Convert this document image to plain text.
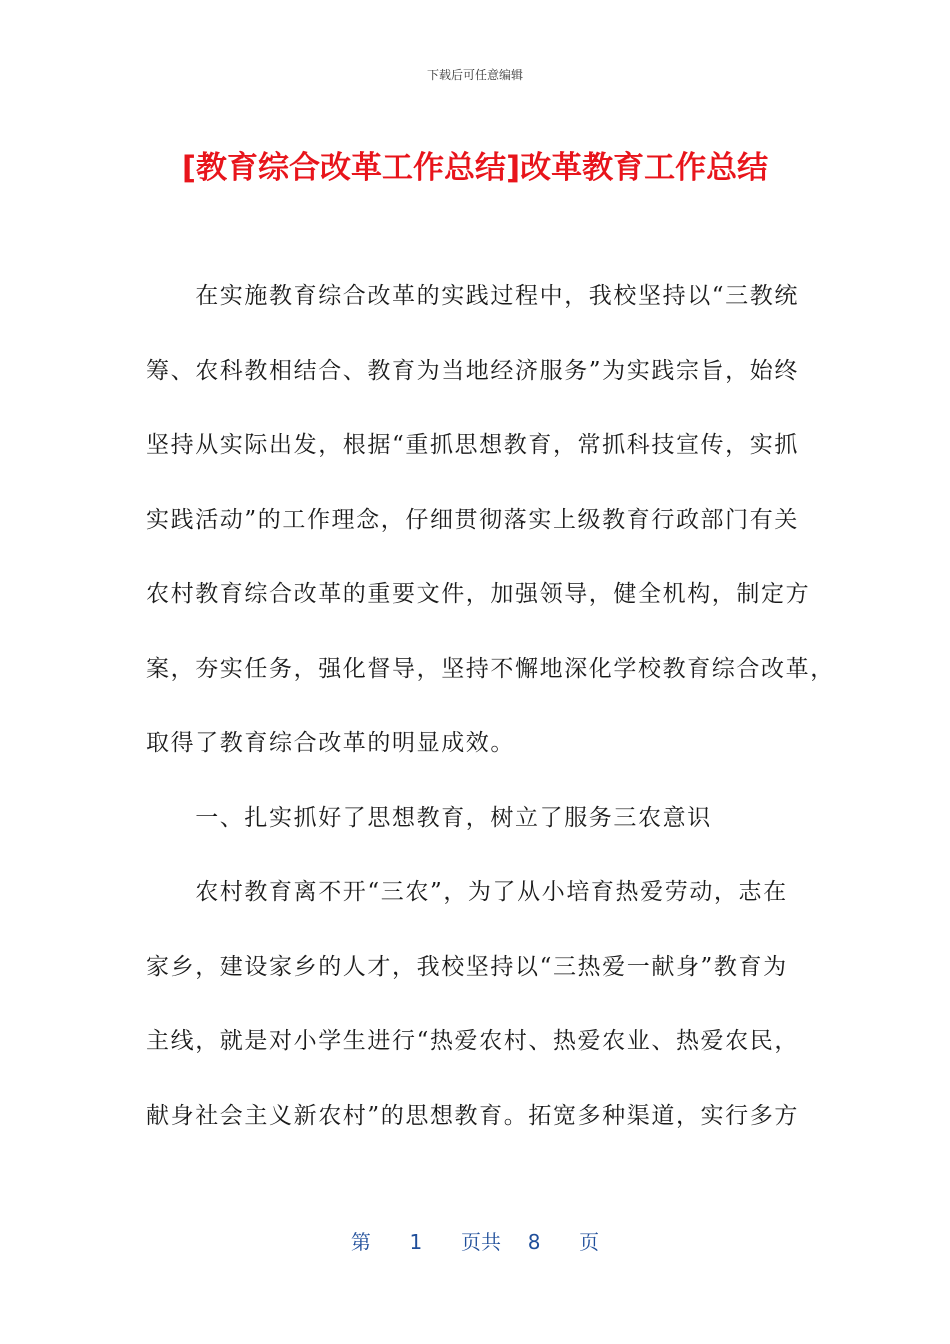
下载后可任意编辑
[教育综合改革工作总结]改革教育工作总结
　　在实施教育综合改革的实践过程中，我校坚持以“三教统
筹、农科教相结合、教育为当地经济服务”为实践宗旨，始终
坚持从实际出发，根据“重抓思想教育，常抓科技宣传，实抓
实践活动”的工作理念，仔细贯彻落实上级教育行政部门有关
农村教育综合改革的重要文件，加强领导，健全机构，制定方
案，夯实任务，强化督导，坚持不懈地深化学校教育综合改革，
取得了教育综合改革的明显成效。
　　一、扎实抓好了思想教育，树立了服务三农意识
　　农村教育离不开“三农”，为了从小培育热爱劳动，志在
家乡，建设家乡的人才，我校坚持以“三热爱一献身”教育为
主线，就是对小学生进行“热爱农村、热爱农业、热爱农民，
献身社会主义新农村”的思想教育。拓宽多种渠道，实行多方
第 1 页共 8 页
